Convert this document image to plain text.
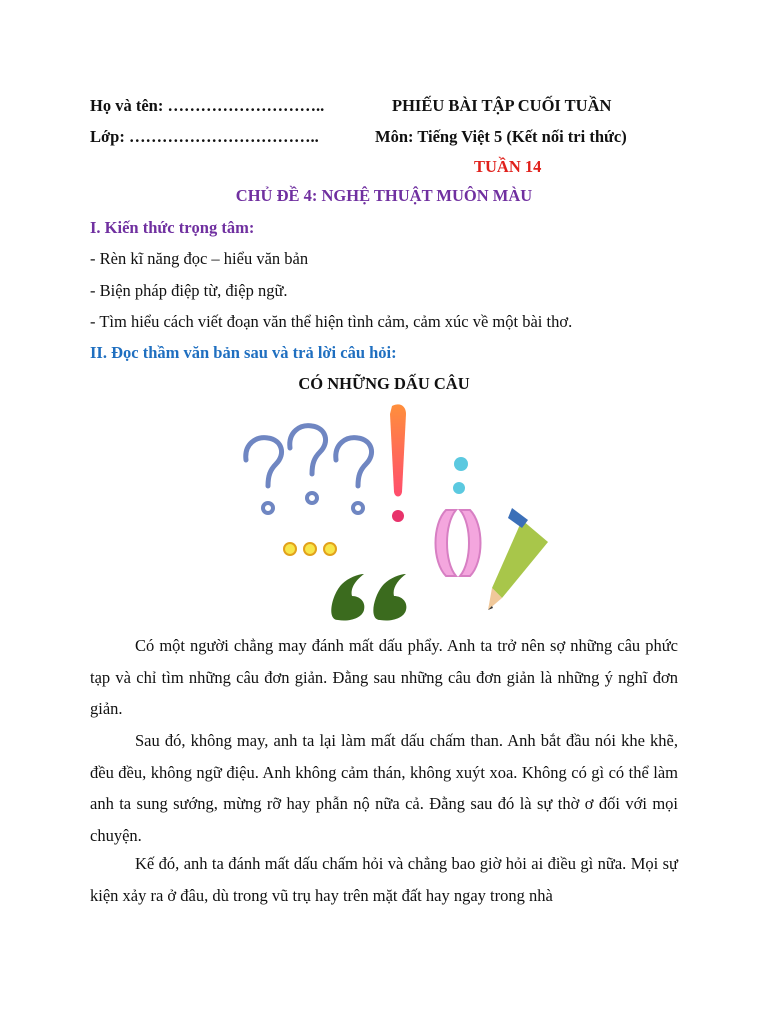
Họ và tên: ………………………..	PHIẾU BÀI TẬP CUỐI TUẦN
Lớp: ……………………………..	Môn: Tiếng Việt 5 (Kết nối tri thức)
TUẦN 14
CHỦ ĐỀ 4: NGHỆ THUẬT MUÔN MÀU
I. Kiến thức trọng tâm:
- Rèn kĩ năng đọc – hiểu văn bản
- Biện pháp điệp từ, điệp ngữ.
- Tìm hiểu cách viết đoạn văn thể hiện tình cảm, cảm xúc về một bài thơ.
II. Đọc thầm văn bản sau và trả lời câu hỏi:
CÓ NHỮNG DẤU CÂU
Có một người chẳng may đánh mất dấu phẩy. Anh ta trở nên sợ những câu phức tạp và chỉ tìm những câu đơn giản. Đằng sau những câu đơn giản là những ý nghĩ đơn giản.
Sau đó, không may, anh ta lại làm mất dấu chấm than. Anh bắt đầu nói khe khẽ, đều đều, không ngữ điệu. Anh không cảm thán, không xuýt xoa. Không có gì có thể làm anh ta sung sướng, mừng rỡ hay phẫn nộ nữa cả. Đằng sau đó là sự thờ ơ đối với mọi chuyện.
Kế đó, anh ta đánh mất dấu chấm hỏi và chẳng bao giờ hỏi ai điều gì nữa. Mọi sự kiện xảy ra ở đâu, dù trong vũ trụ hay trên mặt đất hay ngay trong nhà
